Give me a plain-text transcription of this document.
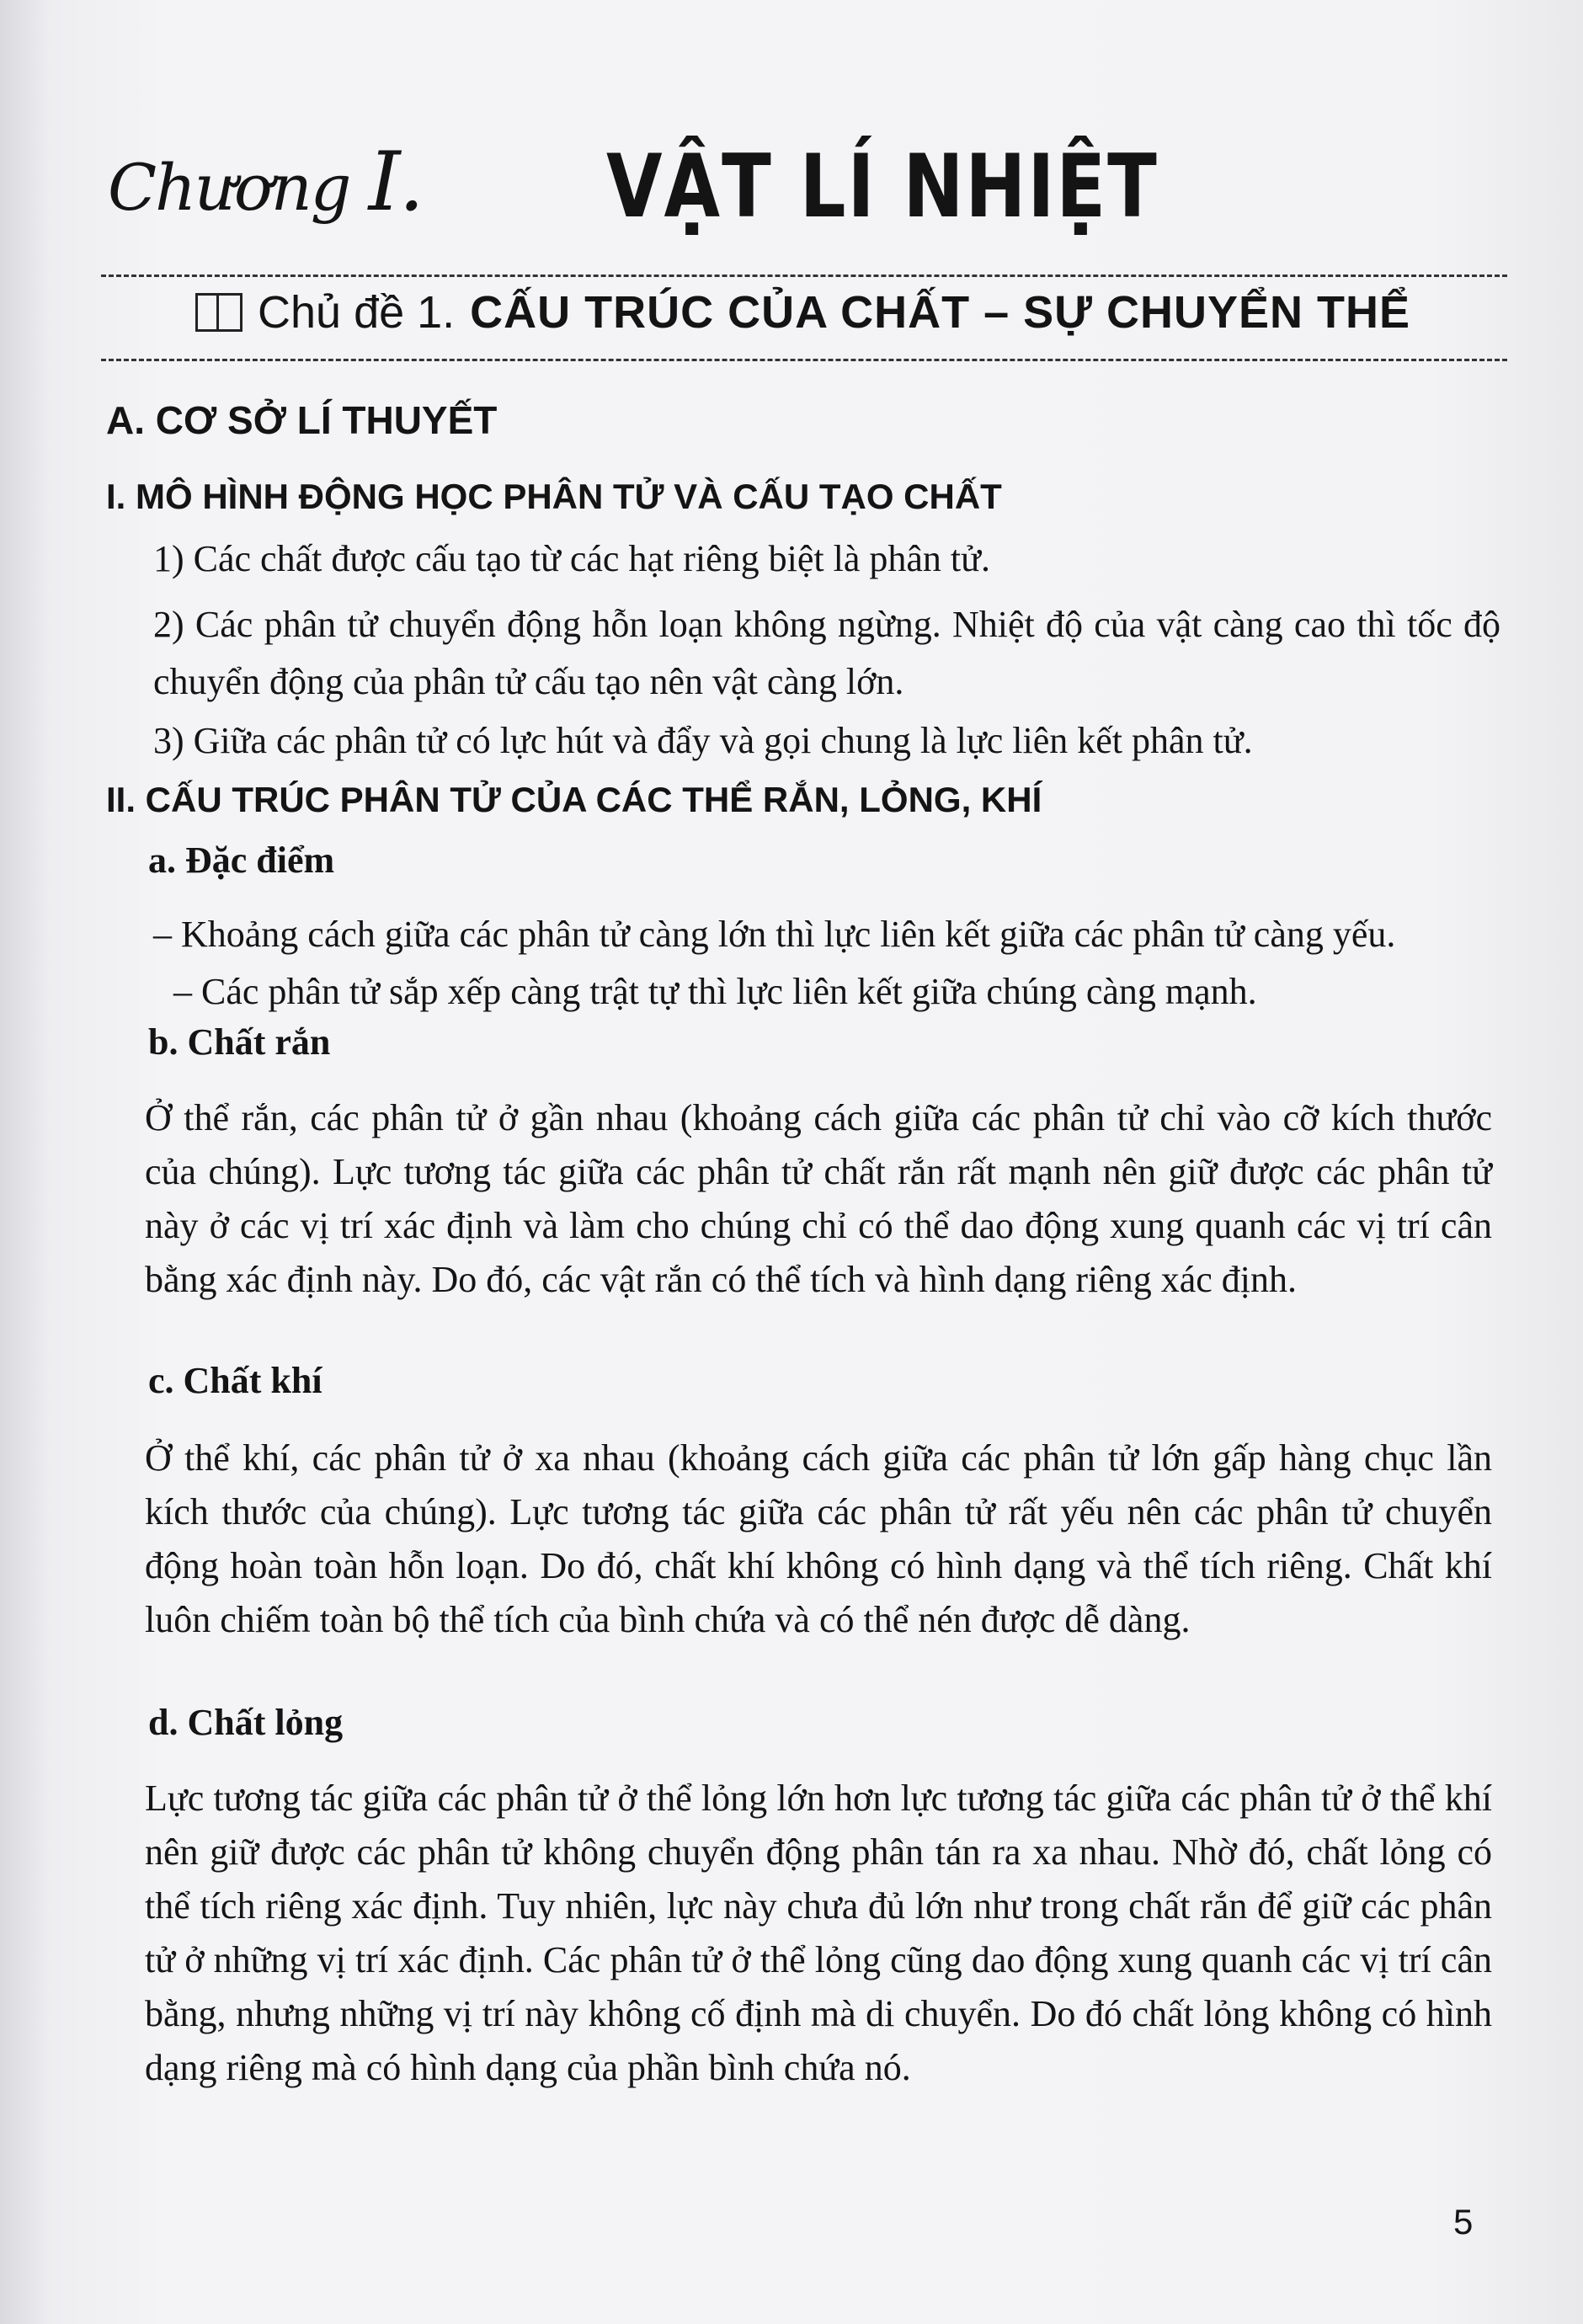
Chương I.	VẬT LÍ NHIỆT
Chủ đề 1. CẤU TRÚC CỦA CHẤT – SỰ CHUYỂN THỂ
A. CƠ SỞ LÍ THUYẾT
I. MÔ HÌNH ĐỘNG HỌC PHÂN TỬ VÀ CẤU TẠO CHẤT
1) Các chất được cấu tạo từ các hạt riêng biệt là phân tử.
2) Các phân tử chuyển động hỗn loạn không ngừng. Nhiệt độ của vật càng cao thì tốc độ chuyển động của phân tử cấu tạo nên vật càng lớn.
3) Giữa các phân tử có lực hút và đẩy và gọi chung là lực liên kết phân tử.
II. CẤU TRÚC PHÂN TỬ CỦA CÁC THỂ RẮN, LỎNG, KHÍ
a. Đặc điểm
– Khoảng cách giữa các phân tử càng lớn thì lực liên kết giữa các phân tử càng yếu.
– Các phân tử sắp xếp càng trật tự thì lực liên kết giữa chúng càng mạnh.
b. Chất rắn
Ở thể rắn, các phân tử ở gần nhau (khoảng cách giữa các phân tử chỉ vào cỡ kích thước của chúng). Lực tương tác giữa các phân tử chất rắn rất mạnh nên giữ được các phân tử này ở các vị trí xác định và làm cho chúng chỉ có thể dao động xung quanh các vị trí cân bằng xác định này. Do đó, các vật rắn có thể tích và hình dạng riêng xác định.
c. Chất khí
Ở thể khí, các phân tử ở xa nhau (khoảng cách giữa các phân tử lớn gấp hàng chục lần kích thước của chúng). Lực tương tác giữa các phân tử rất yếu nên các phân tử chuyển động hoàn toàn hỗn loạn. Do đó, chất khí không có hình dạng và thể tích riêng. Chất khí luôn chiếm toàn bộ thể tích của bình chứa và có thể nén được dễ dàng.
d. Chất lỏng
Lực tương tác giữa các phân tử ở thể lỏng lớn hơn lực tương tác giữa các phân tử ở thể khí nên giữ được các phân tử không chuyển động phân tán ra xa nhau. Nhờ đó, chất lỏng có thể tích riêng xác định. Tuy nhiên, lực này chưa đủ lớn như trong chất rắn để giữ các phân tử ở những vị trí xác định. Các phân tử ở thể lỏng cũng dao động xung quanh các vị trí cân bằng, nhưng những vị trí này không cố định mà di chuyển. Do đó chất lỏng không có hình dạng riêng mà có hình dạng của phần bình chứa nó.
5
